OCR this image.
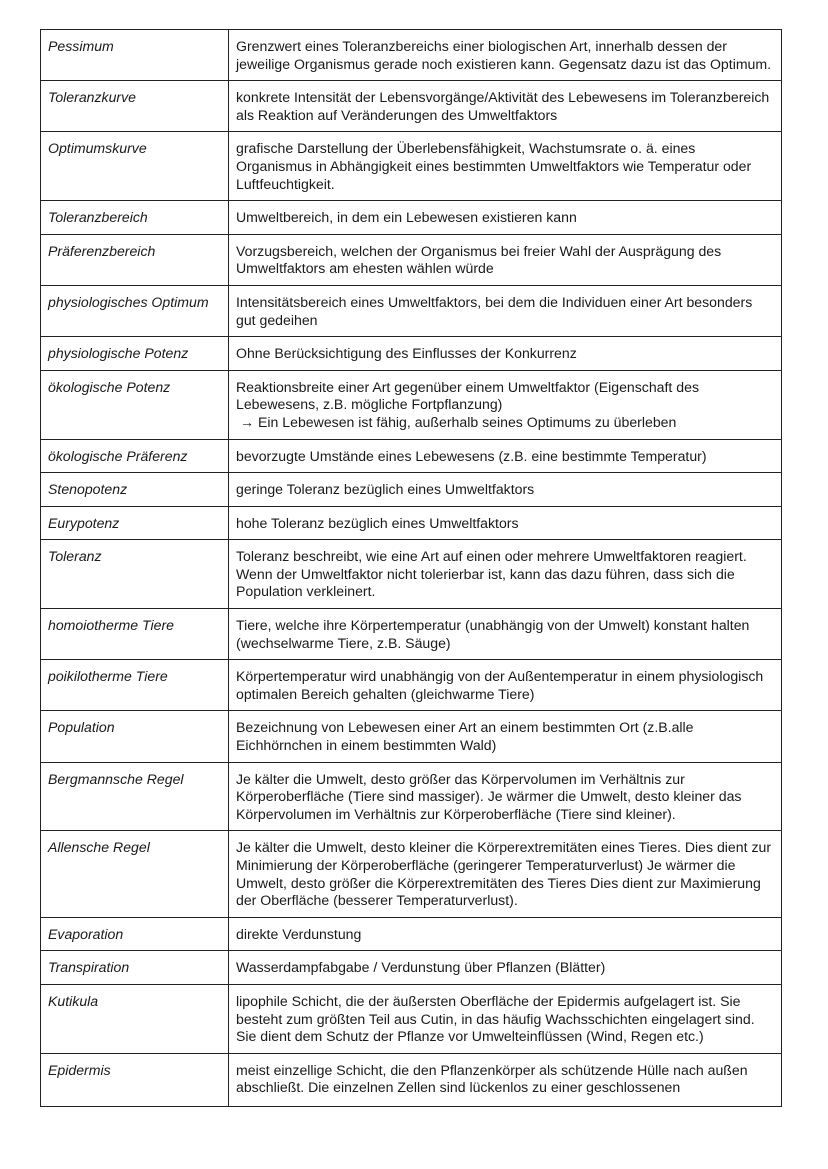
Pessimum	Grenzwert eines Toleranzbereichs einer biologischen Art, innerhalb dessen der jeweilige Organismus gerade noch existieren kann. Gegensatz dazu ist das Optimum.
Toleranzkurve	konkrete Intensität der Lebensvorgänge/Aktivität des Lebewesens im Toleranzbereich als Reaktion auf Veränderungen des Umweltfaktors
Optimumskurve	grafische Darstellung der Überlebensfähigkeit, Wachstumsrate o. ä. eines Organismus in Abhängigkeit eines bestimmten Umweltfaktors wie Temperatur oder Luftfeuchtigkeit.
Toleranzbereich	Umweltbereich, in dem ein Lebewesen existieren kann
Präferenzbereich	Vorzugsbereich, welchen der Organismus bei freier Wahl der Ausprägung des Umweltfaktors am ehesten wählen würde
physiologisches Optimum	Intensitätsbereich eines Umweltfaktors, bei dem die Individuen einer Art besonders gut gedeihen
physiologische Potenz	Ohne Berücksichtigung des Einflusses der Konkurrenz
ökologische Potenz	Reaktionsbreite einer Art gegenüber einem Umweltfaktor (Eigenschaft des Lebewesens, z.B. mögliche Fortpflanzung)
→ Ein Lebewesen ist fähig, außerhalb seines Optimums zu überleben

ökologische Präferenz	bevorzugte Umstände eines Lebewesens (z.B. eine bestimmte Temperatur)
Stenopotenz	geringe Toleranz bezüglich eines Umweltfaktors
Eurypotenz	hohe Toleranz bezüglich eines Umweltfaktors
Toleranz	Toleranz beschreibt, wie eine Art auf einen oder mehrere Umweltfaktoren reagiert. Wenn der Umweltfaktor nicht tolerierbar ist, kann das dazu führen, dass sich die Population verkleinert.
homoiotherme Tiere	Tiere, welche ihre Körpertemperatur (unabhängig von der Umwelt) konstant halten (wechselwarme Tiere, z.B. Säuge)
poikilotherme Tiere	Körpertemperatur wird unabhängig von der Außentemperatur in einem physiologisch optimalen Bereich gehalten (gleichwarme Tiere)
Population	Bezeichnung von Lebewesen einer Art an einem bestimmten Ort (z.B.alle Eichhörnchen in einem bestimmten Wald)
Bergmannsche Regel	Je kälter die Umwelt, desto größer das Körpervolumen im Verhältnis zur Körperoberfläche (Tiere sind massiger). Je wärmer die Umwelt, desto kleiner das Körpervolumen im Verhältnis zur Körperoberfläche (Tiere sind kleiner).
Allensche Regel	Je kälter die Umwelt, desto kleiner die Körperextremitäten eines Tieres. Dies dient zur Minimierung der Körperoberfläche (geringerer Temperaturverlust) Je wärmer die Umwelt, desto größer die Körperextremitäten des Tieres Dies dient zur Maximierung der Oberfläche (besserer Temperaturverlust).
Evaporation	direkte Verdunstung
Transpiration	Wasserdampfabgabe / Verdunstung über Pflanzen (Blätter)
Kutikula	lipophile Schicht, die der äußersten Oberfläche der Epidermis aufgelagert ist. Sie besteht zum größten Teil aus Cutin, in das häufig Wachsschichten eingelagert sind. Sie dient dem Schutz der Pflanze vor Umwelteinflüssen (Wind, Regen etc.)
Epidermis	meist einzellige Schicht, die den Pflanzenkörper als schützende Hülle nach außen abschließt. Die einzelnen Zellen sind lückenlos zu einer geschlossenen
